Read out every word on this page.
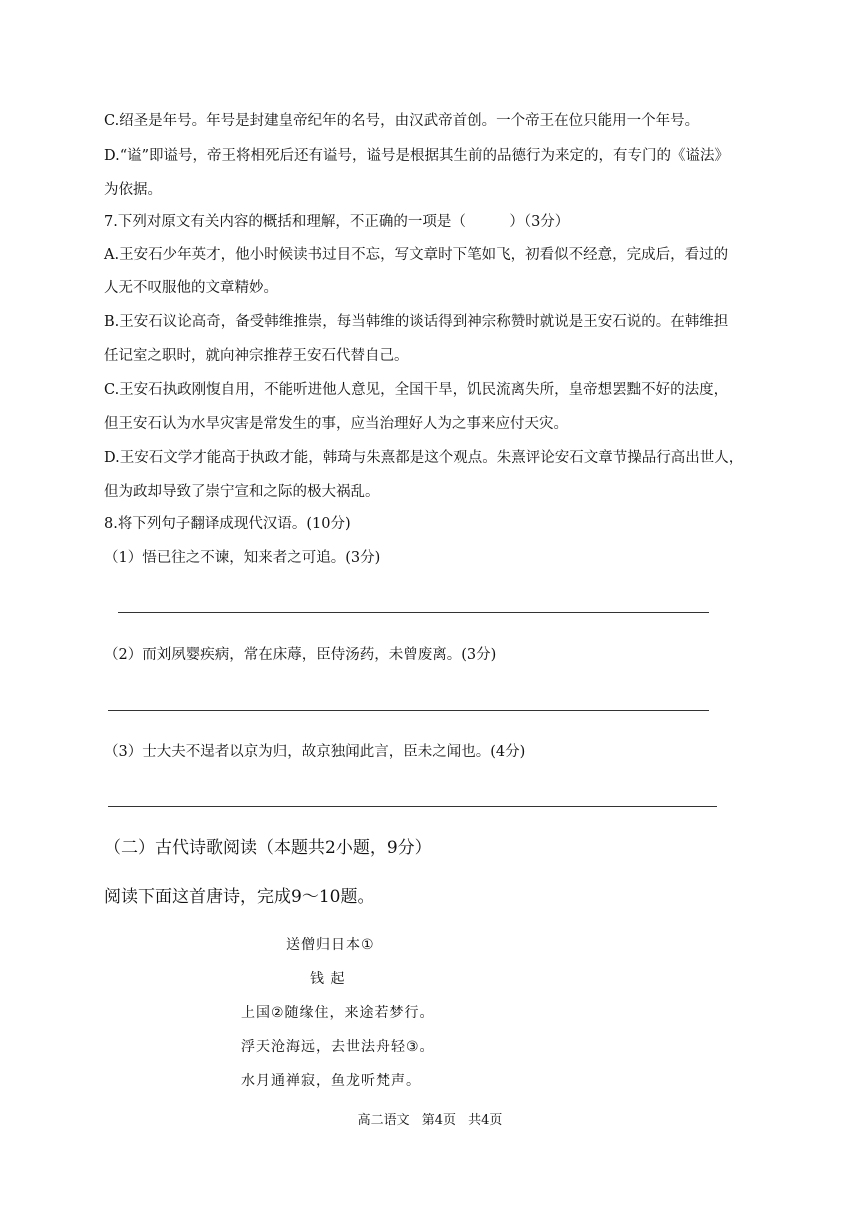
C.绍圣是年号。年号是封建皇帝纪年的名号，由汉武帝首创。一个帝王在位只能用一个年号。
D.“谥”即谥号，帝王将相死后还有谥号，谥号是根据其生前的品德行为来定的，有专门的《谥法》
为依据。
7.下列对原文有关内容的概括和理解，不正确的一项是（　　　）（3分）
A.王安石少年英才，他小时候读书过目不忘，写文章时下笔如飞，初看似不经意，完成后，看过的
人无不叹服他的文章精妙。
B.王安石议论高奇，备受韩维推崇，每当韩维的谈话得到神宗称赞时就说是王安石说的。在韩维担
任记室之职时，就向神宗推荐王安石代替自己。
C.王安石执政刚愎自用，不能听进他人意见，全国干旱，饥民流离失所，皇帝想罢黜不好的法度，
但王安石认为水旱灾害是常发生的事，应当治理好人为之事来应付天灾。
D.王安石文学才能高于执政才能，韩琦与朱熹都是这个观点。朱熹评论安石文章节操品行高出世人，
但为政却导致了崇宁宣和之际的极大祸乱。
8.将下列句子翻译成现代汉语。(10分)
（1）悟已往之不谏，知来者之可追。(3分)
（2）而刘夙婴疾病，常在床蓐，臣侍汤药，未曾废离。(3分)
（3）士大夫不逞者以京为归，故京独闻此言，臣未之闻也。(4分)
（二）古代诗歌阅读（本题共2小题，9分）
阅读下面这首唐诗，完成9～10题。
送僧归日本①
钱 起
上国②随缘住，来途若梦行。
浮天沧海远，去世法舟轻③。
水月通禅寂，鱼龙听梵声。
高二语文 第4页 共4页
